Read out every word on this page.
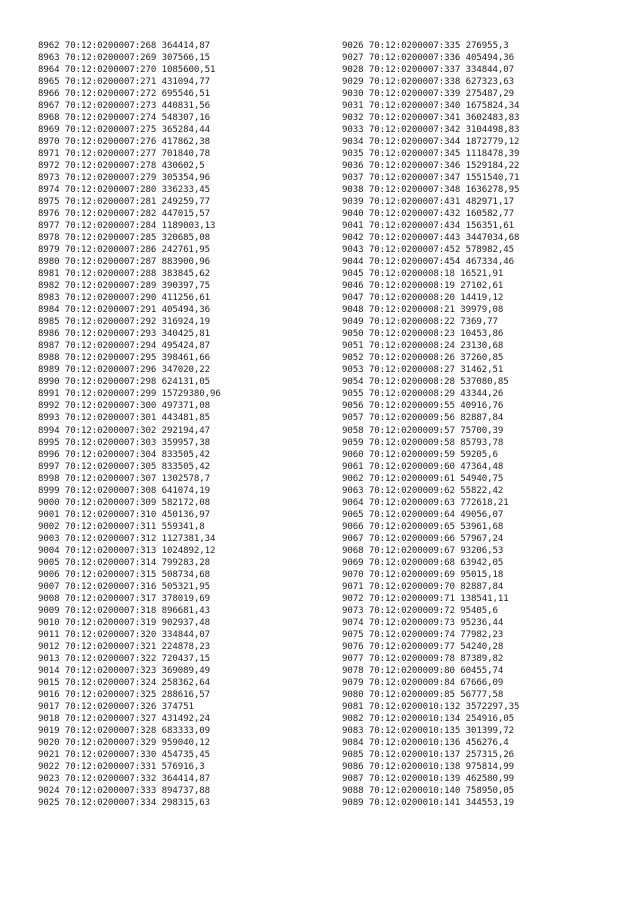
8962 70:12:0200007:268 364414,87
8963 70:12:0200007:269 307566,15
8964 70:12:0200007:270 1085600,51
8965 70:12:0200007:271 431094,77
8966 70:12:0200007:272 695546,51
8967 70:12:0200007:273 440831,56
8968 70:12:0200007:274 548307,16
8969 70:12:0200007:275 365284,44
8970 70:12:0200007:276 417862,38
8971 70:12:0200007:277 701840,78
8972 70:12:0200007:278 430602,5
8973 70:12:0200007:279 305354,96
8974 70:12:0200007:280 336233,45
8975 70:12:0200007:281 249259,77
8976 70:12:0200007:282 447015,57
8977 70:12:0200007:284 1189003,13
8978 70:12:0200007:285 320685,08
8979 70:12:0200007:286 242761,95
8980 70:12:0200007:287 883900,96
8981 70:12:0200007:288 383845,62
8982 70:12:0200007:289 390397,75
8983 70:12:0200007:290 411256,61
8984 70:12:0200007:291 405494,36
8985 70:12:0200007:292 316924,19
8986 70:12:0200007:293 340425,81
8987 70:12:0200007:294 495424,87
8988 70:12:0200007:295 398461,66
8989 70:12:0200007:296 347020,22
8990 70:12:0200007:298 624131,05
8991 70:12:0200007:299 15729380,96
8992 70:12:0200007:300 497371,08
8993 70:12:0200007:301 443481,85
8994 70:12:0200007:302 292194,47
8995 70:12:0200007:303 359957,38
8996 70:12:0200007:304 833505,42
8997 70:12:0200007:305 833505,42
8998 70:12:0200007:307 1302578,7
8999 70:12:0200007:308 641074,19
9000 70:12:0200007:309 582172,08
9001 70:12:0200007:310 450136,97
9002 70:12:0200007:311 559341,8
9003 70:12:0200007:312 1127381,34
9004 70:12:0200007:313 1024892,12
9005 70:12:0200007:314 799283,28
9006 70:12:0200007:315 508734,68
9007 70:12:0200007:316 505321,95
9008 70:12:0200007:317 378019,69
9009 70:12:0200007:318 896681,43
9010 70:12:0200007:319 902937,48
9011 70:12:0200007:320 334844,07
9012 70:12:0200007:321 224878,23
9013 70:12:0200007:322 720437,15
9014 70:12:0200007:323 369089,49
9015 70:12:0200007:324 258362,64
9016 70:12:0200007:325 288616,57
9017 70:12:0200007:326 374751
9018 70:12:0200007:327 431492,24
9019 70:12:0200007:328 683333,09
9020 70:12:0200007:329 959040,12
9021 70:12:0200007:330 454735,45
9022 70:12:0200007:331 576916,3
9023 70:12:0200007:332 364414,87
9024 70:12:0200007:333 894737,88
9025 70:12:0200007:334 298315,63
9026 70:12:0200007:335 276955,3
9027 70:12:0200007:336 405494,36
9028 70:12:0200007:337 334844,07
9029 70:12:0200007:338 627323,63
9030 70:12:0200007:339 275487,29
9031 70:12:0200007:340 1675824,34
9032 70:12:0200007:341 3602483,83
9033 70:12:0200007:342 3104498,83
9034 70:12:0200007:344 1872779,12
9035 70:12:0200007:345 1118478,39
9036 70:12:0200007:346 1529184,22
9037 70:12:0200007:347 1551540,71
9038 70:12:0200007:348 1636278,95
9039 70:12:0200007:431 482971,17
9040 70:12:0200007:432 160582,77
9041 70:12:0200007:434 156351,61
9042 70:12:0200007:443 3447034,68
9043 70:12:0200007:452 578982,45
9044 70:12:0200007:454 467334,46
9045 70:12:0200008:18 16521,91
9046 70:12:0200008:19 27102,61
9047 70:12:0200008:20 14419,12
9048 70:12:0200008:21 39979,08
9049 70:12:0200008:22 7369,77
9050 70:12:0200008:23 10453,86
9051 70:12:0200008:24 23130,68
9052 70:12:0200008:26 37260,85
9053 70:12:0200008:27 31462,51
9054 70:12:0200008:28 537080,85
9055 70:12:0200008:29 43344,26
9056 70:12:0200009:55 40916,76
9057 70:12:0200009:56 82887,84
9058 70:12:0200009:57 75700,39
9059 70:12:0200009:58 85793,78
9060 70:12:0200009:59 59205,6
9061 70:12:0200009:60 47364,48
9062 70:12:0200009:61 54940,75
9063 70:12:0200009:62 55822,42
9064 70:12:0200009:63 772618,21
9065 70:12:0200009:64 49056,07
9066 70:12:0200009:65 53961,68
9067 70:12:0200009:66 57967,24
9068 70:12:0200009:67 93206,53
9069 70:12:0200009:68 63942,05
9070 70:12:0200009:69 95015,18
9071 70:12:0200009:70 82887,84
9072 70:12:0200009:71 138541,11
9073 70:12:0200009:72 95405,6
9074 70:12:0200009:73 95236,44
9075 70:12:0200009:74 77982,23
9076 70:12:0200009:77 54240,28
9077 70:12:0200009:78 87389,82
9078 70:12:0200009:80 60455,74
9079 70:12:0200009:84 67666,09
9080 70:12:0200009:85 56777,58
9081 70:12:0200010:132 3572297,35
9082 70:12:0200010:134 254916,05
9083 70:12:0200010:135 301399,72
9084 70:12:0200010:136 456276,4
9085 70:12:0200010:137 257315,26
9086 70:12:0200010:138 975814,99
9087 70:12:0200010:139 462580,99
9088 70:12:0200010:140 758950,05
9089 70:12:0200010:141 344553,19
